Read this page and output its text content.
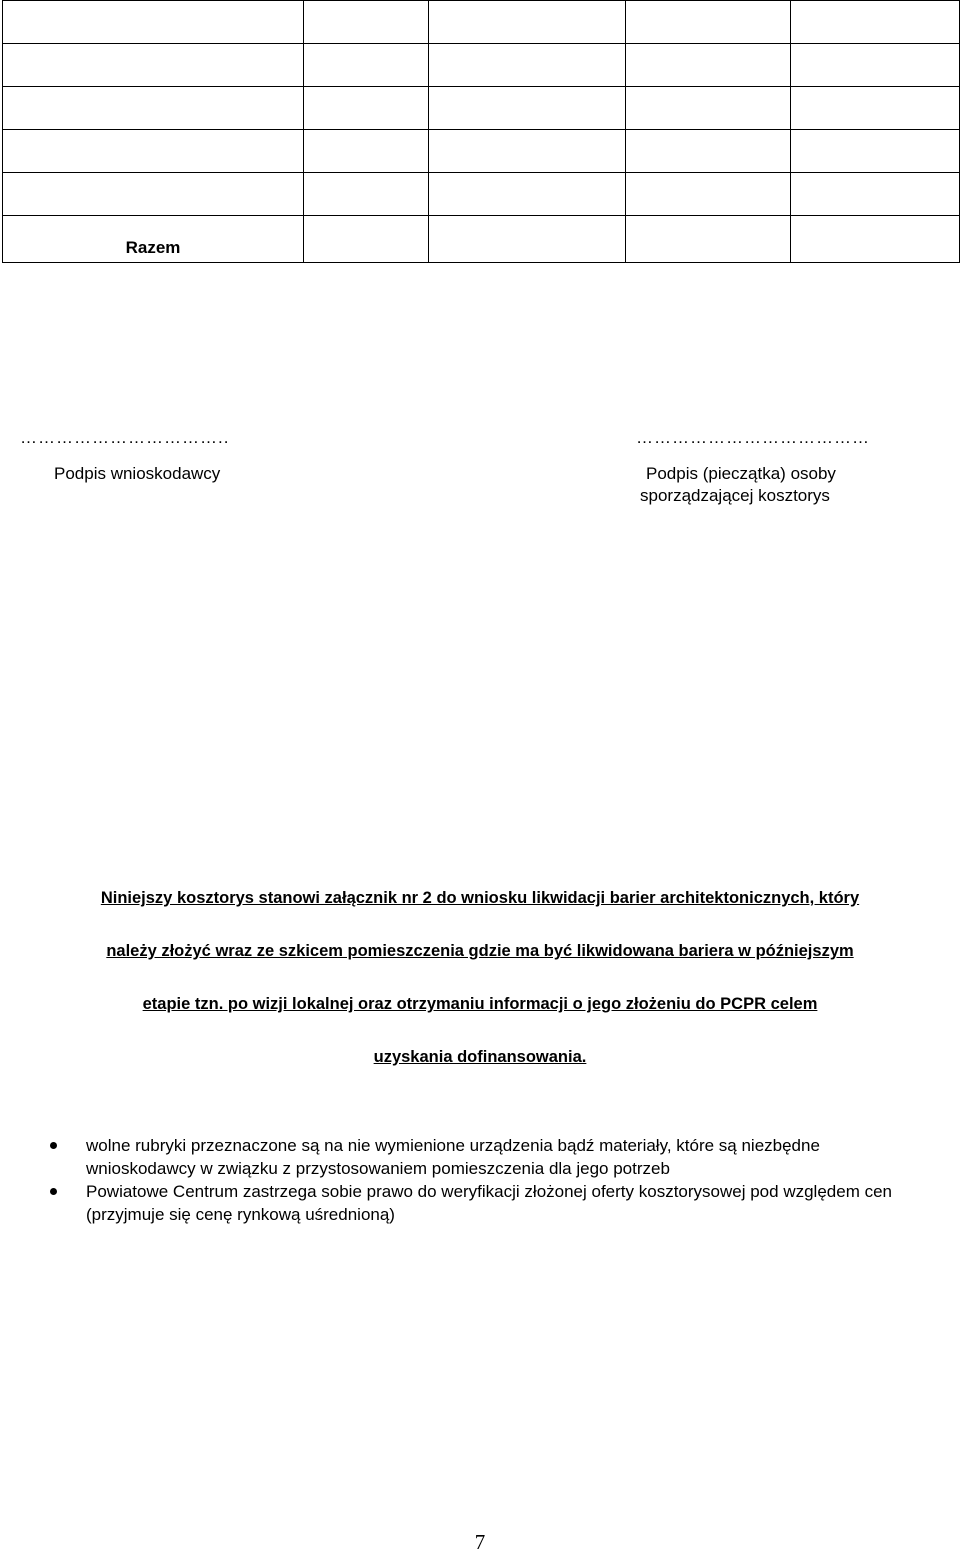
Razem				
……………………………..
Podpis wnioskodawcy
…………………………………
Podpis (pieczątka) osoby
sporządzającej kosztorys
Niniejszy kosztorys stanowi załącznik nr 2 do wniosku likwidacji barier architektonicznych, który
należy złożyć wraz ze szkicem pomieszczenia gdzie ma być likwidowana bariera w późniejszym
etapie tzn. po wizji lokalnej oraz otrzymaniu informacji o jego złożeniu do PCPR celem
uzyskania dofinansowania.
wolne rubryki przeznaczone są na nie wymienione urządzenia bądź materiały, które są niezbędne wnioskodawcy w związku z przystosowaniem pomieszczenia dla jego potrzeb
Powiatowe Centrum zastrzega sobie prawo do weryfikacji złożonej oferty kosztorysowej pod względem cen (przyjmuje się cenę rynkową uśrednioną)
7
